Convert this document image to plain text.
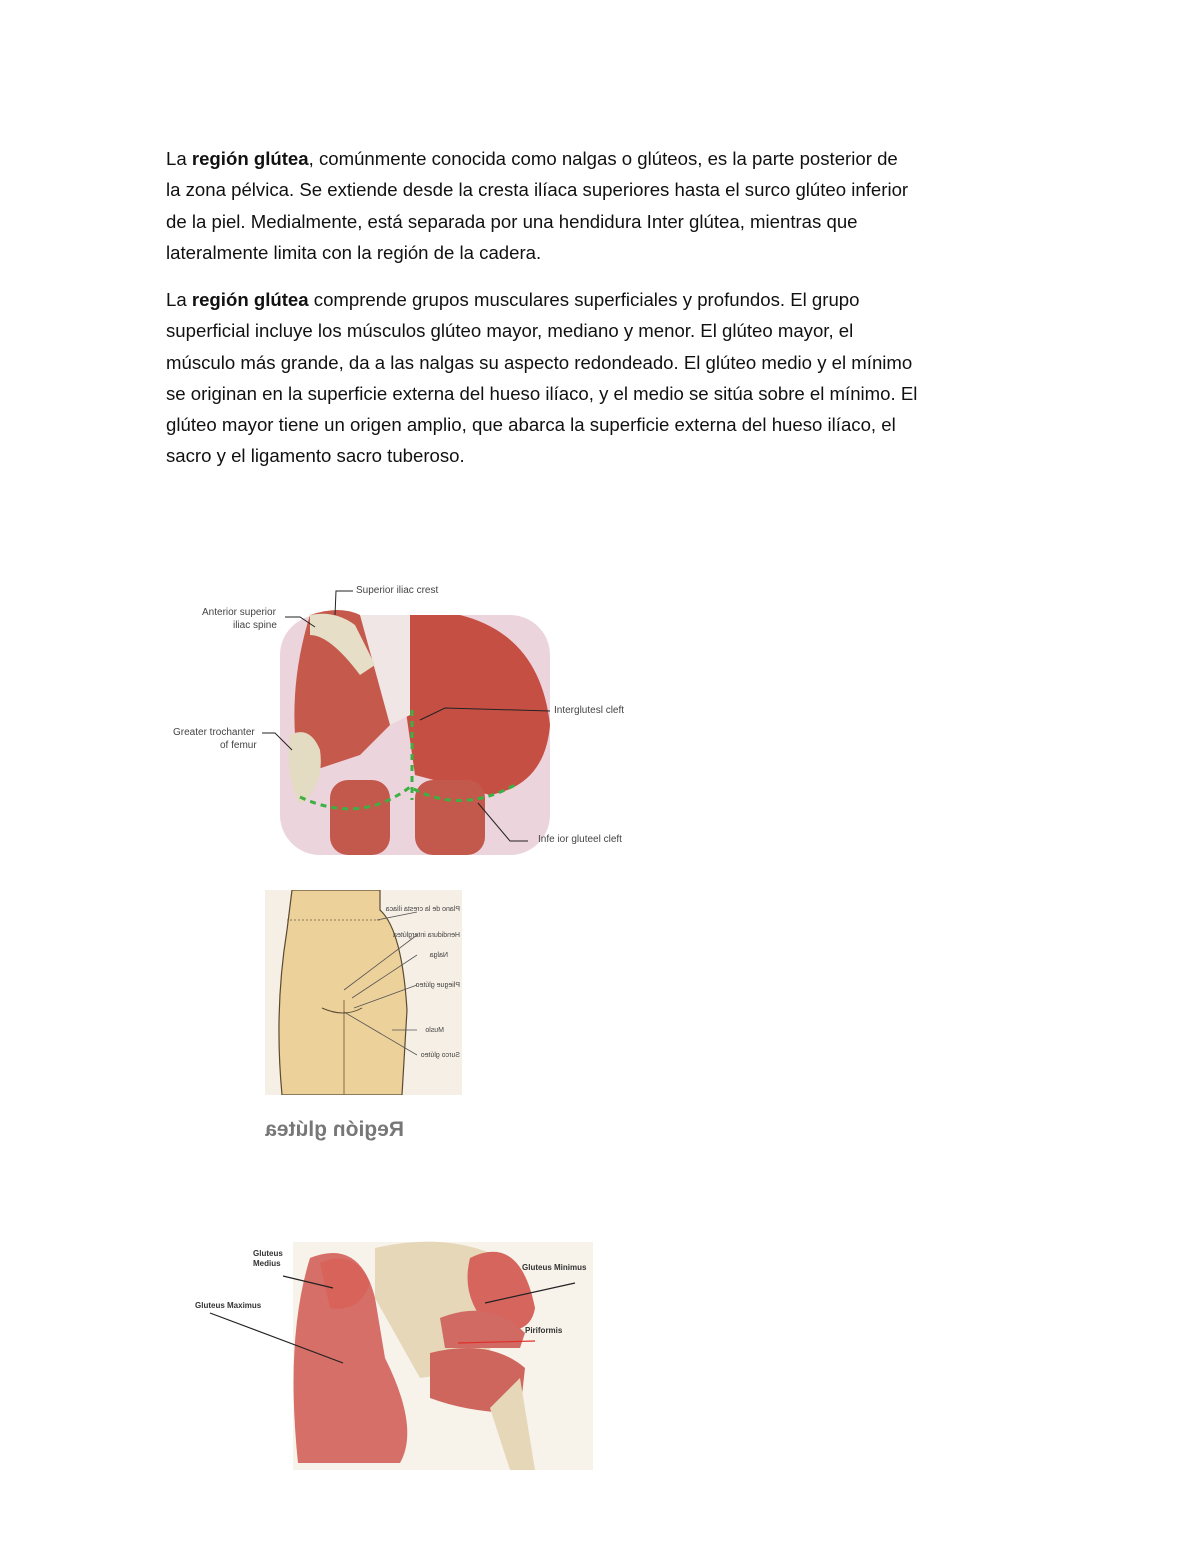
La región glútea, comúnmente conocida como nalgas o glúteos, es la parte posterior de
la zona pélvica. Se extiende desde la cresta ilíaca superiores hasta el surco glúteo inferior
de la piel. Medialmente, está separada por una hendidura Inter glútea, mientras que
lateralmente limita con la región de la cadera.
La región glútea comprende grupos musculares superficiales y profundos. El grupo
superficial incluye los músculos glúteo mayor, mediano y menor. El glúteo mayor, el
músculo más grande, da a las nalgas su aspecto redondeado. El glúteo medio y el mínimo
se originan en la superficie externa del hueso ilíaco, y el medio se sitúa sobre el mínimo. El
glúteo mayor tiene un origen amplio, que abarca la superficie externa del hueso ilíaco, el
sacro y el ligamento sacro tuberoso.
Superior iliac crest
Anterior superior
iliac spine
Interglutesl cleft
Greater trochanter
of femur
Infe ior gluteel cleft
Plano de la cresta ilíaca
Hendidura interglútea
Nalga
Pliegue glúteo
Muslo
Surco glúteo
Región glútea
Gluteus
Medius
Gluteus Maximus
Gluteus Minimus
Piriformis
